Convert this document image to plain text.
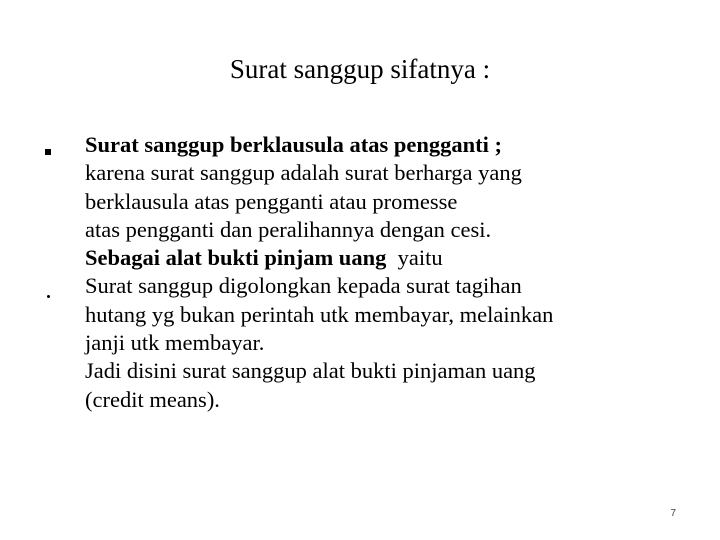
Surat sanggup sifatnya :
Surat sanggup berklausula atas pengganti ;
karena surat sanggup adalah surat berharga yang
berklausula atas pengganti atau promesse
atas pengganti dan peralihannya dengan cesi.
Sebagai alat bukti pinjam uang  yaitu
Surat sanggup digolongkan kepada surat tagihan
hutang yg bukan perintah utk membayar, melainkan
janji utk membayar.
Jadi disini surat sanggup alat bukti pinjaman uang
(credit means).
7
